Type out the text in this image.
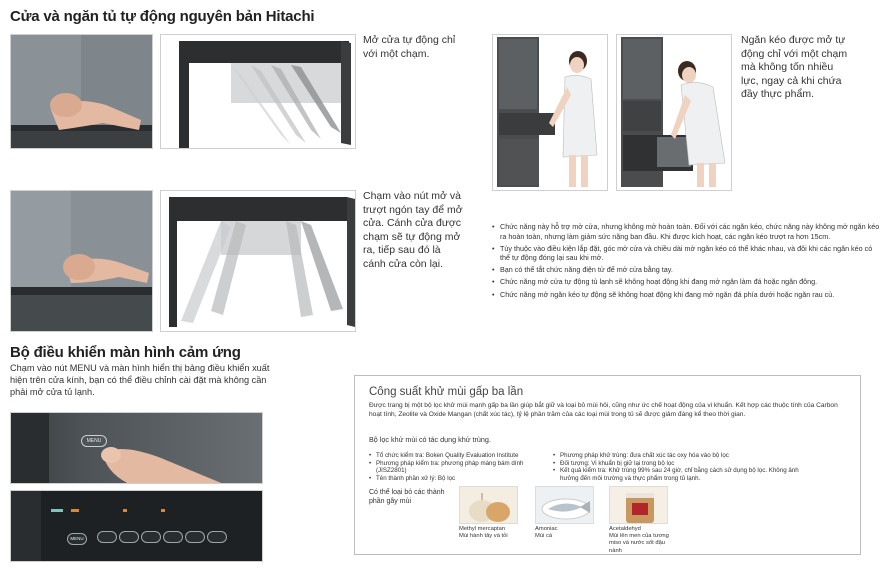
Cửa và ngăn tủ tự động nguyên bản Hitachi
Mở cửa tự động chỉ với một chạm.
Chạm vào nút mở và trượt ngón tay để mở cửa. Cánh cửa được chạm sẽ tự động mở ra, tiếp sau đó là cánh cửa còn lại.
Ngăn kéo được mở tự động chỉ với một chạm mà không tốn nhiều lực, ngay cả khi chứa đầy thực phẩm.
• Chức năng này hỗ trợ mở cửa, nhưng không mở hoàn toàn. Đối với các ngăn kéo, chức năng này không mở ngăn kéo ra hoàn toàn, nhưng làm giảm sức nặng ban đầu. Khi được kích hoạt, các ngăn kéo trượt ra hơn 15cm.
• Tùy thuộc vào điều kiện lắp đặt, góc mở cửa và chiều dài mở ngăn kéo có thể khác nhau, và đôi khi các ngăn kéo có thể tự động đóng lại sau khi mở.
• Bạn có thể tắt chức năng điện tử để mở cửa bằng tay.
• Chức năng mở cửa tự động tủ lạnh sẽ không hoạt động khi đang mở ngăn làm đá hoặc ngăn đông.
• Chức năng mở ngăn kéo tự động sẽ không hoạt động khi đang mở ngăn đá phía dưới hoặc ngăn rau củ.
Bộ điều khiển màn hình cảm ứng
Chạm vào nút MENU và màn hình hiển thị bảng điều khiển xuất hiện trên cửa kính, bạn có thể điều chỉnh cài đặt mà không cần phải mở cửa tủ lạnh.
MENU
MENU
Công suất khử mùi gấp ba lần
Được trang bị một bộ lọc khử mùi mạnh gấp ba lần giúp bắt giữ và loại bỏ mùi hôi, cũng như ức chế hoạt động của vi khuẩn. Kết hợp các thuộc tính của Carbon hoạt tính, Zeolite và Oxide Mangan (chất xúc tác), tỷ lệ phần trăm của các loại mùi trong tủ sẽ được giảm đáng kể theo thời gian.
Bộ lọc khử mùi có tác dụng khử trùng.
• Tổ chức kiểm tra: Boken Quality Evaluation Institute
• Phương pháp kiểm tra: phương pháp màng bám dính (JISZ2801)
• Tên thành phần xử lý: Bộ lọc
• Phương pháp khử trùng: đưa chất xúc tác oxy hóa vào bộ lọc
• Đối tượng: Vi khuẩn bị giữ lại trong bộ lọc
• Kết quả kiểm tra: Khử trùng 99% sau 24 giờ, chỉ bằng cách sử dụng bộ lọc. Không ảnh hưởng đến môi trường và thực phẩm trong tủ lạnh.
Có thể loại bỏ các thành phần gây mùi
Methyl mercaptan
Mùi hành tây và tỏi
Amoniac
Mùi cá
Acetaldehyd
Mùi lên men của tương miso và nước sốt đậu nành
